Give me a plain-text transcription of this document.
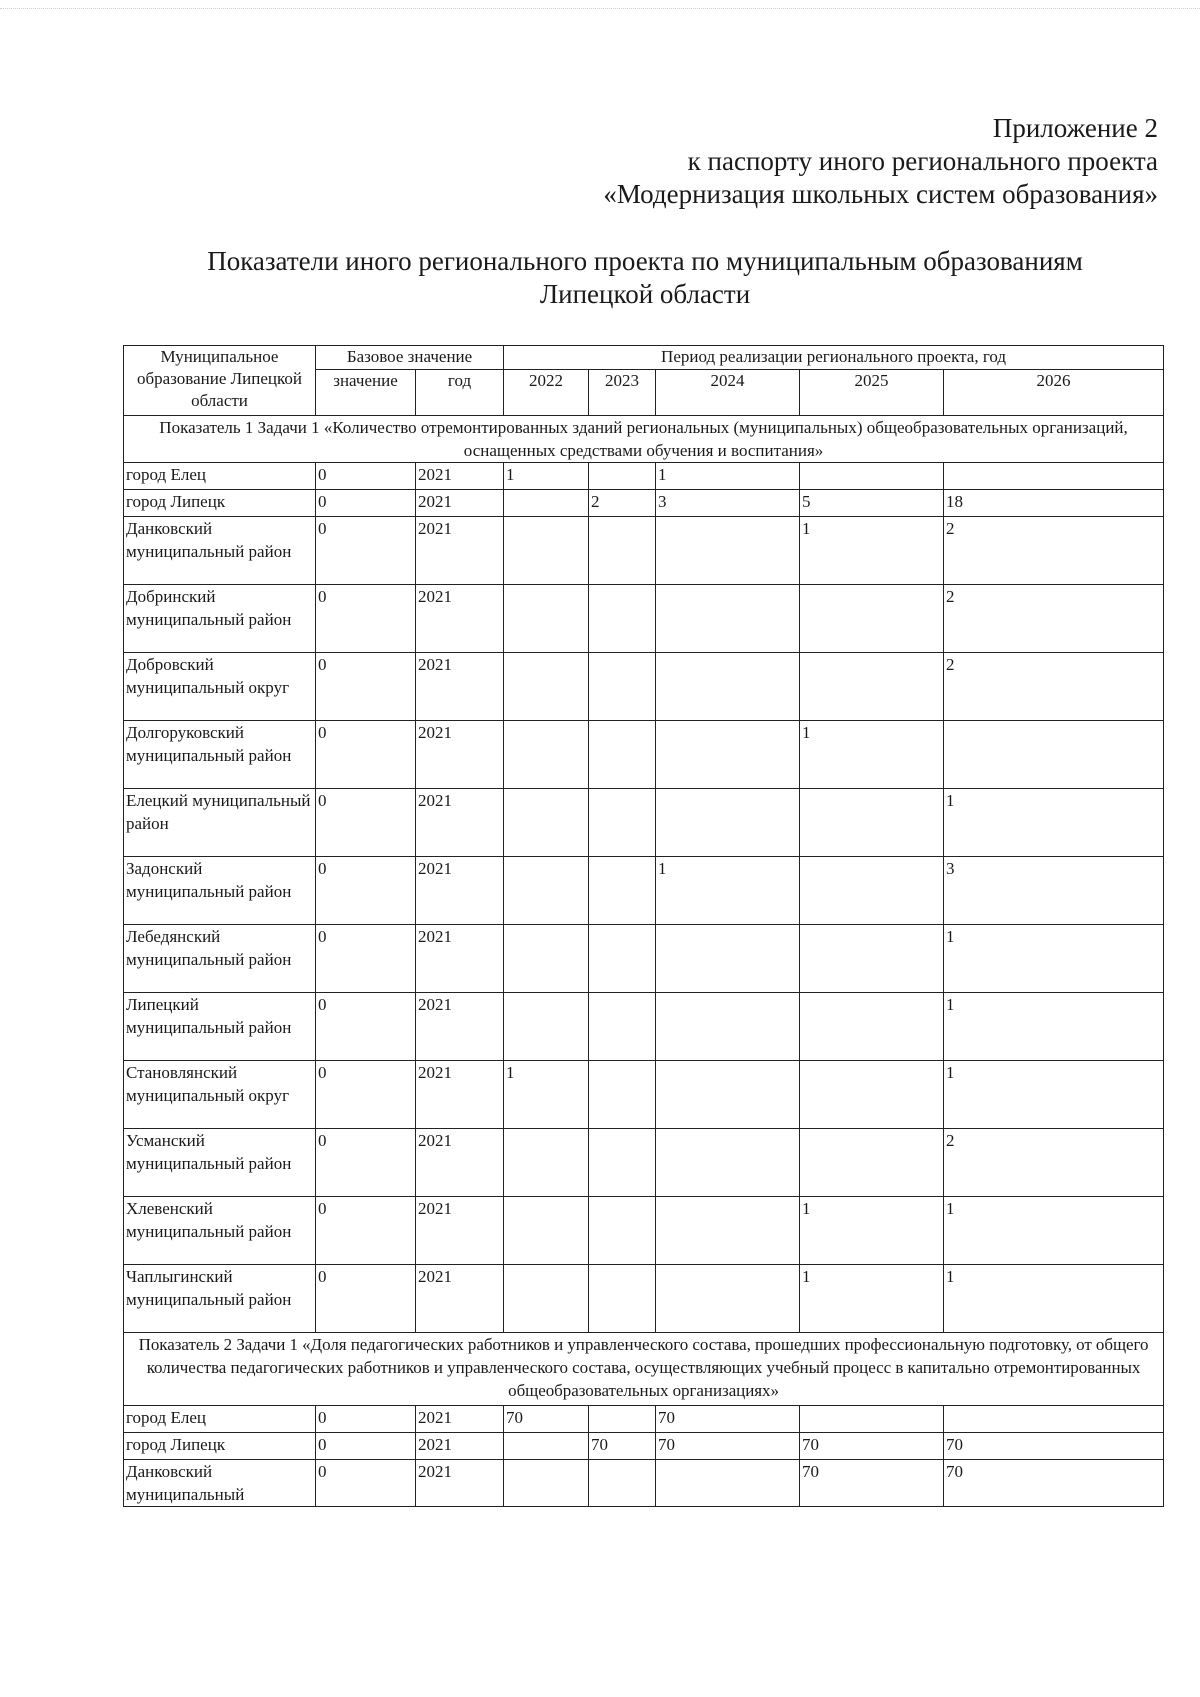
Приложение 2
к паспорту иного регионального проекта
«Модернизация школьных систем образования»
Показатели иного регионального проекта по муниципальным образованиям
Липецкой области
Муниципальное образование Липецкой области	Базовое значение		Период реализации регионального проекта, год				
	значение	год	2022	2023	2024	2025	2026
Показатель 1 Задачи 1 «Количество отремонтированных зданий региональных (муниципальных) общеобразовательных организаций, оснащенных средствами обучения и воспитания»							
город Елец	0	2021	1		1		
город Липецк	0	2021		2	3	5	18
Данковский муниципальный район	0	2021				1	2
Добринский муниципальный район	0	2021					2
Добровский муниципальный округ	0	2021					2
Долгоруковский муниципальный район	0	2021				1	
Елецкий муниципальный район	0	2021					1
Задонский муниципальный район	0	2021			1		3
Лебедянский муниципальный район	0	2021					1
Липецкий муниципальный район	0	2021					1
Становлянский муниципальный округ	0	2021	1				1
Усманский муниципальный район	0	2021					2
Хлевенский муниципальный район	0	2021				1	1
Чаплыгинский муниципальный район	0	2021				1	1
Показатель 2 Задачи 1 «Доля педагогических работников и управленческого состава, прошедших профессиональную подготовку, от общего количества педагогических работников и управленческого состава, осуществляющих учебный процесс в капитально отремонтированных общеобразовательных организациях»							
город Елец	0	2021	70		70		
город Липецк	0	2021		70	70	70	70
Данковский муниципальный	0	2021				70	70
